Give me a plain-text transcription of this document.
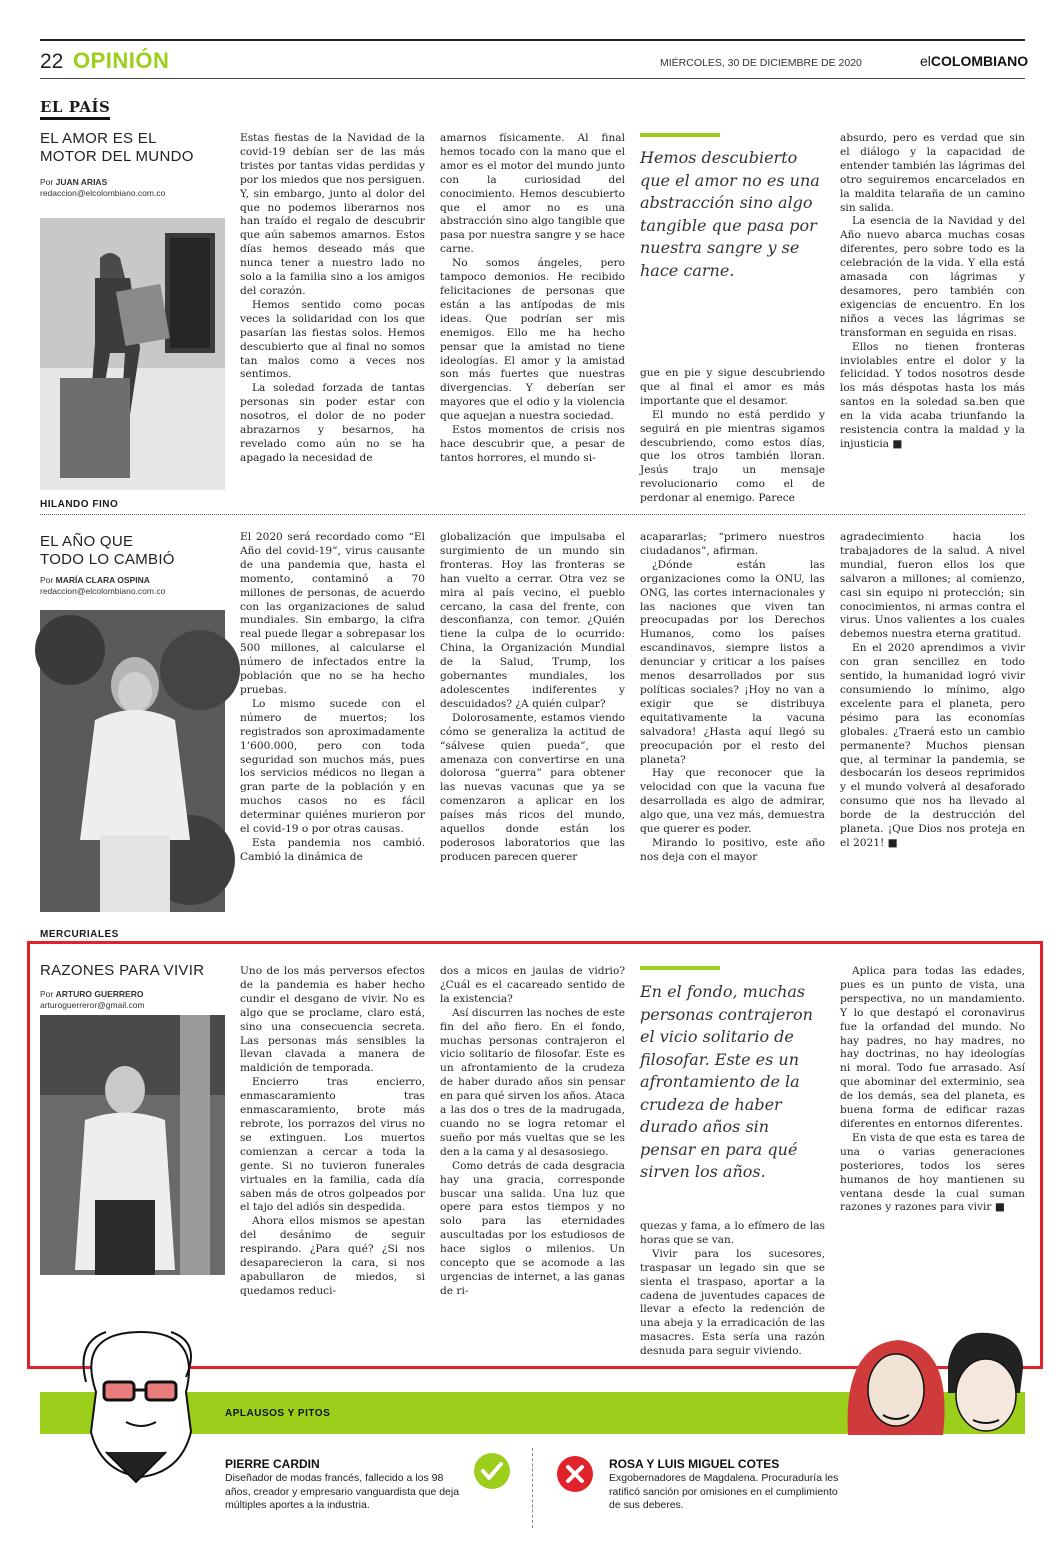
22 OPINIÓN	MIÉRCOLES, 30 DE DICIEMBRE DE 2020	elCOLOMBIANO
EL PAÍS
EL AMOR ES EL
MOTOR DEL MUNDO
Por JUAN ARIAS
redaccion@elcolombiano.com.co

Estas fiestas de la Navidad de la covid-19 debían ser de las más tristes por tantas vidas perdidas y por los miedos que nos persiguen. Y, sin embargo, junto al dolor del que no podemos liberarnos nos han traído el regalo de descubrir que aún sabemos amarnos. Estos días hemos deseado más que nunca tener a nuestro lado no solo a la familia sino a los amigos del corazón.

Hemos sentido como pocas veces la solidaridad con los que pasarían las fiestas solos. Hemos descubierto que al final no somos tan malos como a veces nos sentimos.

La soledad forzada de tantas personas sin poder estar con nosotros, el dolor de no poder abrazarnos y besarnos, ha revelado como aún no se ha apagado la necesidad de

amarnos físicamente. Al final hemos tocado con la mano que el amor es el motor del mundo junto con la curiosidad del conocimiento. Hemos descubierto que el amor no es una abstracción sino algo tangible que pasa por nuestra sangre y se hace carne.

No somos ángeles, pero tampoco demonios. He recibido felicitaciones de personas que están a las antípodas de mis ideas. Que podrían ser mis enemigos. Ello me ha hecho pensar que la amistad no tiene ideologías. El amor y la amistad son más fuertes que nuestras divergencias. Y deberían ser mayores que el odio y la violencia que aquejan a nuestra sociedad.

Estos momentos de crisis nos hace descubrir que, a pesar de tantos horrores, el mundo si-

Hemos descubierto que el amor no es una abstracción sino algo tangible que pasa por nuestra sangre y se hace carne.

gue en pie y sigue descubriendo que al final el amor es más importante que el desamor.

El mundo no está perdido y seguirá en pie mientras sigamos descubriendo, como estos días, que los otros también lloran. Jesús trajo un mensaje revolucionario como el de perdonar al enemigo. Parece

absurdo, pero es verdad que sin el diálogo y la capacidad de entender también las lágrimas del otro seguiremos encarcelados en la maldita telaraña de un camino sin salida.

La esencia de la Navidad y del Año nuevo abarca muchas cosas diferentes, pero sobre todo es la celebración de la vida. Y ella está amasada con lágrimas y desamores, pero también con exigencias de encuentro. En los niños a veces las lágrimas se transforman en seguida en risas.

Ellos no tienen fronteras inviolables entre el dolor y la felicidad. Y todos nosotros desde los más déspotas hasta los más santos en la soledad sa.ben que en la vida acaba triunfando la resistencia contra la maldad y la injusticia ■

HILANDO FINO
EL AÑO QUE
TODO LO CAMBIÓ
Por MARÍA CLARA OSPINA
redaccion@elcolombiano.com.co

El 2020 será recordado como “El Año del covid-19”, virus causante de una pandemia que, hasta el momento, contaminó a 70 millones de personas, de acuerdo con las organizaciones de salud mundiales. Sin embargo, la cifra real puede llegar a sobrepasar los 500 millones, al calcularse el número de infectados entre la población que no se ha hecho pruebas.

Lo mismo sucede con el número de muertos; los registrados son aproximadamente 1’600.000, pero con toda seguridad son muchos más, pues los servicios médicos no llegan a gran parte de la población y en muchos casos no es fácil determinar quiénes murieron por el covid-19 o por otras causas.

Esta pandemia nos cambió. Cambió la dinámica de

globalización que impulsaba el surgimiento de un mundo sin fronteras. Hoy las fronteras se han vuelto a cerrar. Otra vez se mira al país vecino, el pueblo cercano, la casa del frente, con desconfianza, con temor. ¿Quién tiene la culpa de lo ocurrido: China, la Organización Mundial de la Salud, Trump, los gobernantes mundiales, los adolescentes indiferentes y descuidados? ¿A quién culpar?

Dolorosamente, estamos viendo cómo se generaliza la actitud de “sálvese quien pueda”, que amenaza con convertirse en una dolorosa “guerra” para obtener las nuevas vacunas que ya se comenzaron a aplicar en los países más ricos del mundo, aquellos donde están los poderosos laboratorios que las producen parecen querer

acapararlas; “primero nuestros ciudadanos”, afirman.

¿Dónde están las organizaciones como la ONU, las ONG, las cortes internacionales y las naciones que viven tan preocupadas por los Derechos Humanos, como los países escandinavos, siempre listos a denunciar y criticar a los países menos desarrollados por sus políticas sociales? ¡Hoy no van a exigir que se distribuya equitativamente la vacuna salvadora! ¿Hasta aquí llegó su preocupación por el resto del planeta?

Hay que reconocer que la velocidad con que la vacuna fue desarrollada es algo de admirar, algo que, una vez más, demuestra que querer es poder.

Mirando lo positivo, este año nos deja con el mayor

agradecimiento hacia los trabajadores de la salud. A nivel mundial, fueron ellos los que salvaron a millones; al comienzo, casi sin equipo ni protección; sin conocimientos, ni armas contra el virus. Unos valientes a los cuales debemos nuestra eterna gratitud.

En el 2020 aprendimos a vivir con gran sencillez en todo sentido, la humanidad logró vivir consumiendo lo mínimo, algo excelente para el planeta, pero pésimo para las economías globales. ¿Traerá esto un cambio permanente? Muchos piensan que, al terminar la pandemia, se desbocarán los deseos reprimidos y el mundo volverá al desaforado consumo que nos ha llevado al borde de la destrucción del planeta. ¡Que Dios nos proteja en el 2021! ■

MERCURIALES
RAZONES PARA VIVIR
Por ARTURO GUERRERO
arturoguerreror@gmail.com

Uno de los más perversos efectos de la pandemia es haber hecho cundir el desgano de vivir. No es algo que se proclame, claro está, sino una consecuencia secreta. Las personas más sensibles la llevan clavada a manera de maldición de temporada.

Encierro tras encierro, enmascaramiento tras enmascaramiento, brote más rebrote, los porrazos del virus no se extinguen. Los muertos comienzan a cercar a toda la gente. Si no tuvieron funerales virtuales en la familia, cada día saben más de otros golpeados por el tajo del adiós sin despedida.

Ahora ellos mismos se apestan del desánimo de seguir respirando. ¿Para qué? ¿Si nos desaparecieron la cara, si nos apabullaron de miedos, si quedamos reduci-

dos a micos en jaulas de vidrio? ¿Cuál es el cacareado sentido de la existencia?

Así discurren las noches de este fin del año fiero. En el fondo, muchas personas contrajeron el vicio solitario de filosofar. Este es un afrontamiento de la crudeza de haber durado años sin pensar en para qué sirven los años. Ataca a las dos o tres de la madrugada, cuando no se logra retomar el sueño por más vueltas que se les den a la cama y al desasosiego.

Como detrás de cada desgracia hay una gracia, corresponde buscar una salida. Una luz que opere para estos tiempos y no solo para las eternidades auscultadas por los estudiosos de hace siglos o milenios. Un concepto que se acomode a las urgencias de internet, a las ganas de ri-

En el fondo, muchas personas contrajeron el vicio solitario de filosofar. Este es un afrontamiento de la crudeza de haber durado años sin pensar en para qué sirven los años.

quezas y fama, a lo efímero de las horas que se van.

Vivir para los sucesores, traspasar un legado sin que se sienta el traspaso, aportar a la cadena de juventudes capaces de llevar a efecto la redención de una abeja y la erradicación de las masacres. Esta sería una razón desnuda para seguir viviendo.

Aplica para todas las edades, pues es un punto de vista, una perspectiva, no un mandamiento. Y lo que destapó el coronavirus fue la orfandad del mundo. No hay padres, no hay madres, no hay doctrinas, no hay ideologías ni moral. Todo fue arrasado. Así que abominar del exterminio, sea de los demás, sea del planeta, es buena forma de edificar razas diferentes en entornos diferentes.

En vista de que esta es tarea de una o varias generaciones posteriores, todos los seres humanos de hoy mantienen su ventana desde la cual suman razones y razones para vivir ■

APLAUSOS Y PITOS
PIERRE CARDIN
Diseñador de modas francés, fallecido a los 98 años, creador y empresario vanguardista que deja múltiples aportes a la industria.
ROSA Y LUIS MIGUEL COTES
Exgobernadores de Magdalena. Procuraduría les ratificó sanción por omisiones en el cumplimiento de sus deberes.
